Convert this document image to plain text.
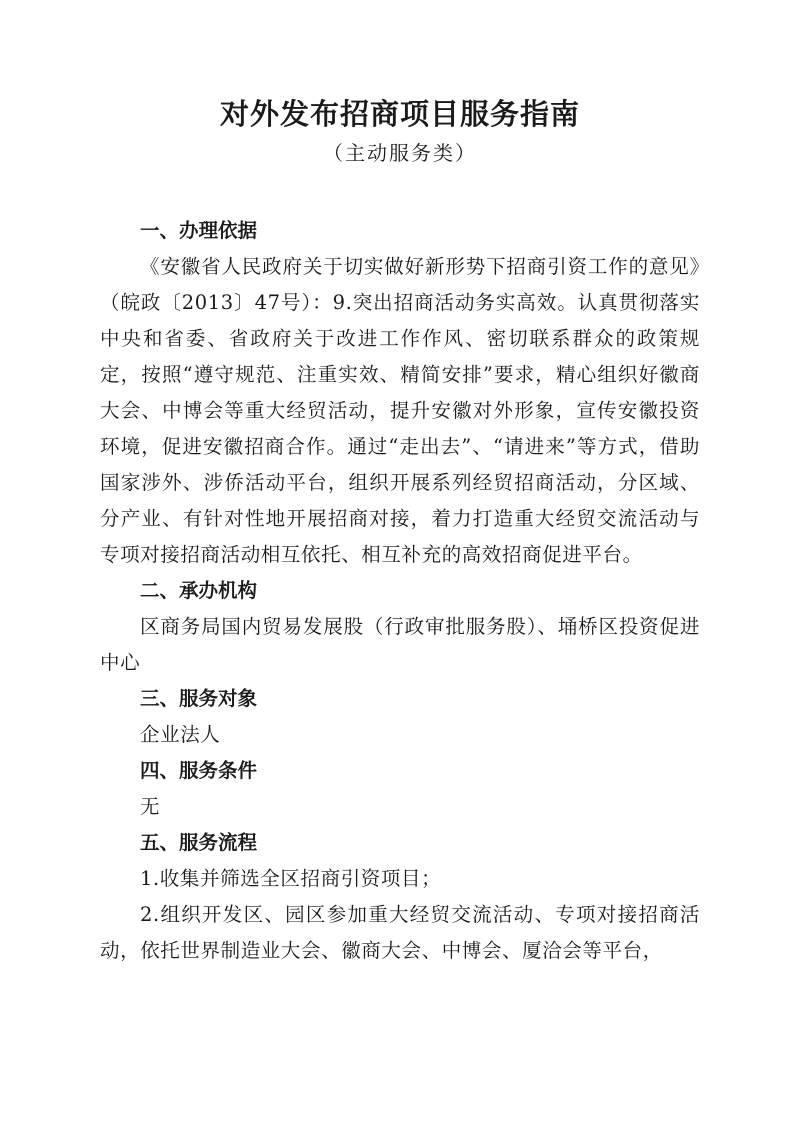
对外发布招商项目服务指南
（主动服务类）
一、办理依据

《安徽省人民政府关于切实做好新形势下招商引资工作的意见》（皖政〔2013〕47号）：9.突出招商活动务实高效。认真贯彻落实中央和省委、省政府关于改进工作作风、密切联系群众的政策规定，按照“遵守规范、注重实效、精简安排”要求，精心组织好徽商大会、中博会等重大经贸活动，提升安徽对外形象，宣传安徽投资环境，促进安徽招商合作。通过“走出去”、“请进来”等方式，借助国家涉外、涉侨活动平台，组织开展系列经贸招商活动，分区域、分产业、有针对性地开展招商对接，着力打造重大经贸交流活动与专项对接招商活动相互依托、相互补充的高效招商促进平台。

二、承办机构

区商务局国内贸易发展股（行政审批服务股）、埇桥区投资促进中心

三、服务对象

企业法人

四、服务条件

无

五、服务流程

1.收集并筛选全区招商引资项目；

2.组织开发区、园区参加重大经贸交流活动、专项对接招商活动，依托世界制造业大会、徽商大会、中博会、厦洽会等平台，
